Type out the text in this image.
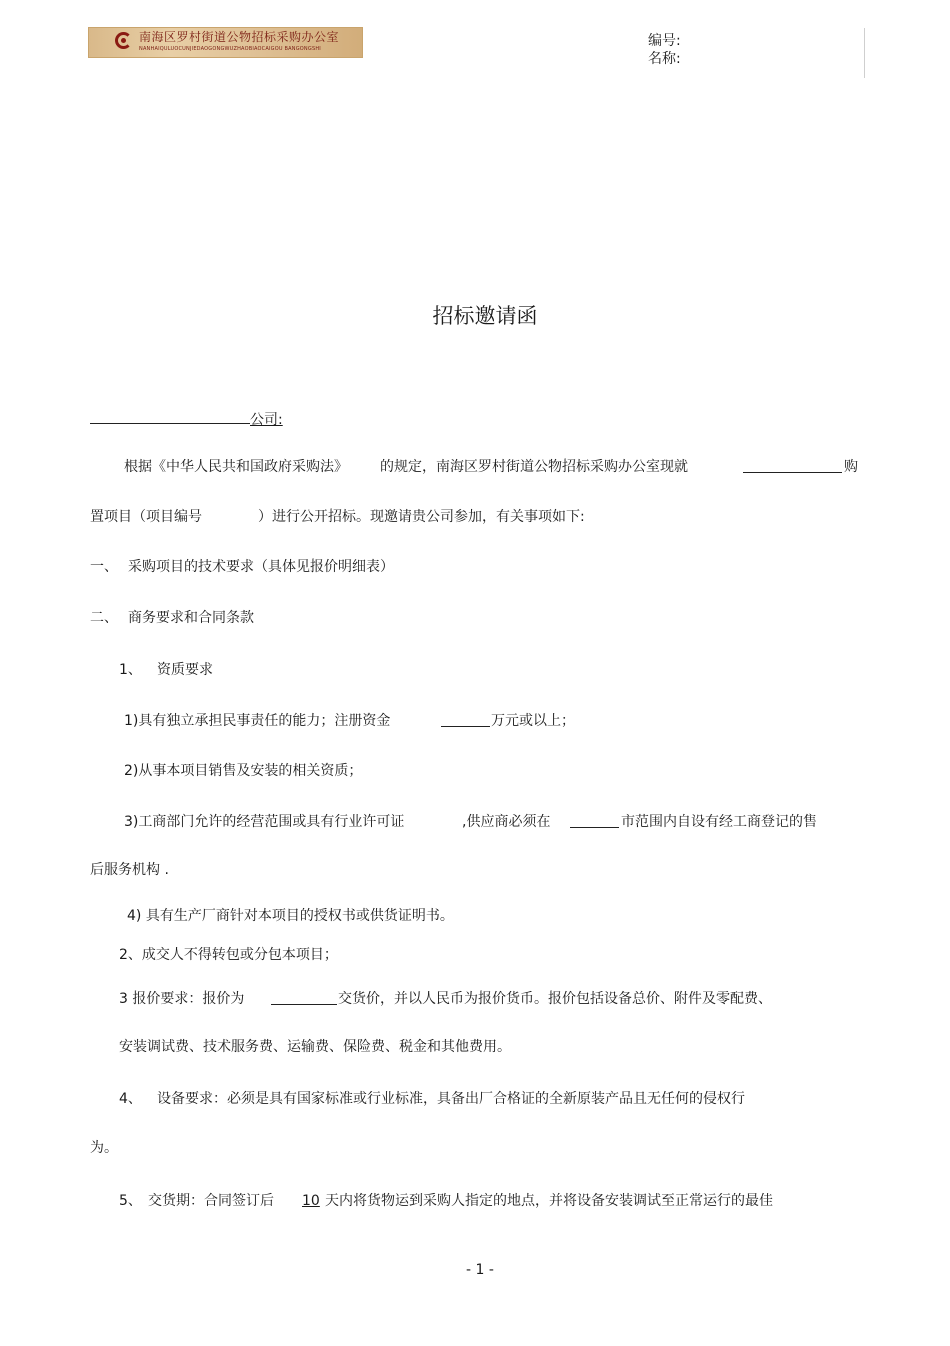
南海区罗村街道公物招标采购办公室
NANHAIQULUOCUNJIEDAOGONGWUZHAOBIAOCAIGOU BANGONGSHI	编号:
名称:
招标邀请函
公司:
根据《中华人民共和国政府采购法》 的规定，南海区罗村街道公物招标采购办公室现就	购
置项目（项目编号	）进行公开招标。现邀请贵公司参加，有关事项如下:
一、 采购项目的技术要求（具体见报价明细表）
二、 商务要求和合同条款
1、 资质要求
1)具有独立承担民事责任的能力；注册资金	万元或以上；
2)从事本项目销售及安装的相关资质；
3)工商部门允许的经营范围或具有行业许可证	,供应商必须在	市范围内自设有经工商登记的售
后服务机构 .
4) 具有生产厂商针对本项目的授权书或供货证明书。
2、成交人不得转包或分包本项目；
3 报价要求：报价为	交货价，并以人民币为报价货币。报价包括设备总价、附件及零配费、
安装调试费、技术服务费、运输费、保险费、税金和其他费用。
4、 设备要求：必须是具有国家标准或行业标准，具备出厂合格证的全新原装产品且无任何的侵权行
为。
5、 交货期：合同签订后 10 天内将货物运到采购人指定的地点，并将设备安装调试至正常运行的最佳
- 1 -
